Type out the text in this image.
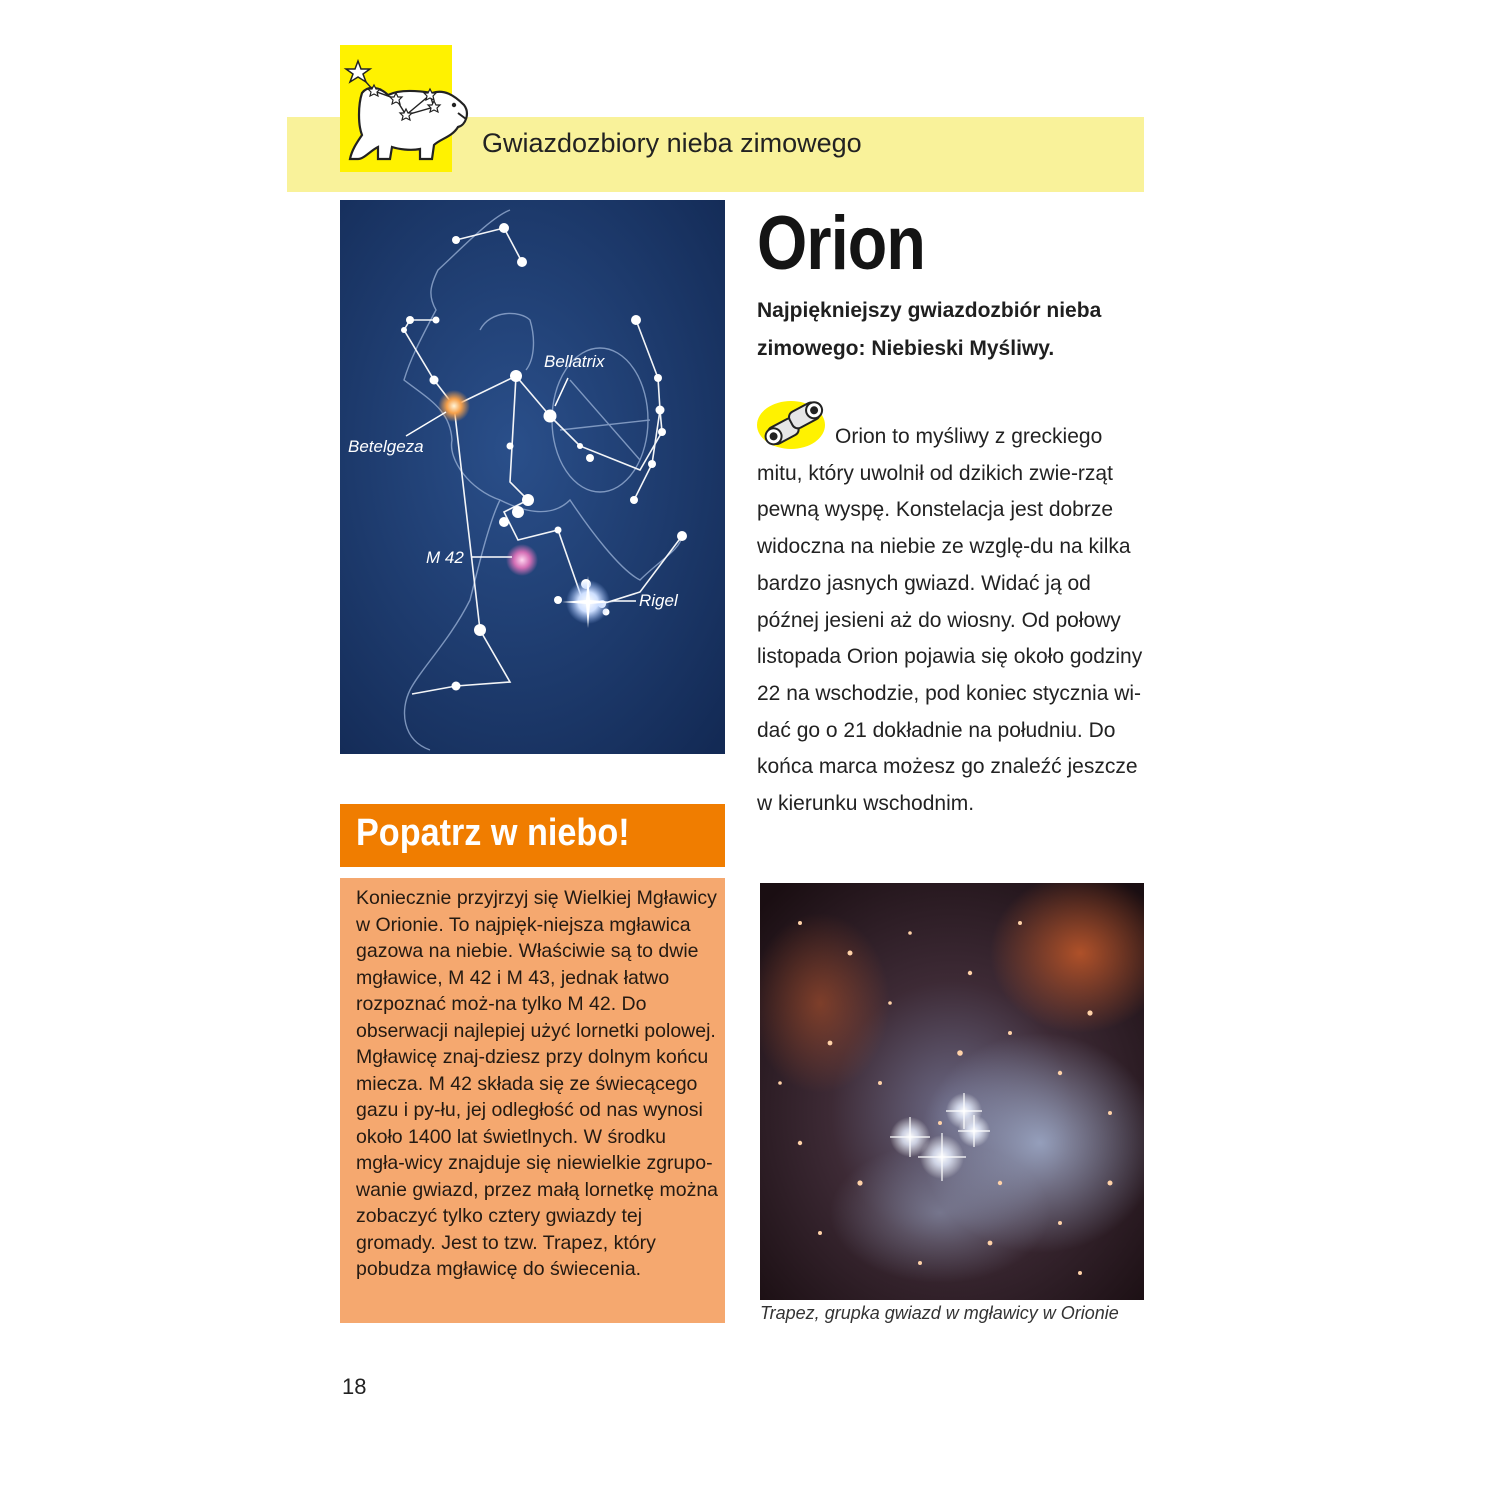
Gwiazdozbiory nieba zimowego
Bellatrix
Betelgeza
M 42
Rigel
Orion
Najpiękniejszy gwiazdozbiór nieba zimowego: Niebieski Myśliwy.
Orion to myśliwy z greckiego mitu, który uwolnił od dzikich zwie-rząt pewną wyspę. Konstelacja jest dobrze widoczna na niebie ze wzglę-du na kilka bardzo jasnych gwiazd. Widać ją od późnej jesieni aż do wiosny. Od połowy listopada Orion pojawia się około godziny 22 na wschodzie, pod koniec stycznia wi-dać go o 21 dokładnie na południu. Do końca marca możesz go znaleźć jeszcze w kierunku wschodnim.
Trapez, grupka gwiazd w mgławicy w Orionie
Popatrz w niebo!
Koniecznie przyjrzyj się Wielkiej Mgławicy w Orionie. To najpięk-niejsza mgławica gazowa na niebie. Właściwie są to dwie mgławice, M 42 i M 43, jednak łatwo rozpoznać moż-na tylko M 42. Do obserwacji najlepiej użyć lornetki polowej. Mgławicę znaj-dziesz przy dolnym końcu miecza. M 42 składa się ze świecącego gazu i py-łu, jej odległość od nas wynosi około 1400 lat świetlnych. W środku mgła-wicy znajduje się niewielkie zgrupo-wanie gwiazd, przez małą lornetkę można zobaczyć tylko cztery gwiazdy tej gromady. Jest to tzw. Trapez, który pobudza mgławicę do świecenia.
18
